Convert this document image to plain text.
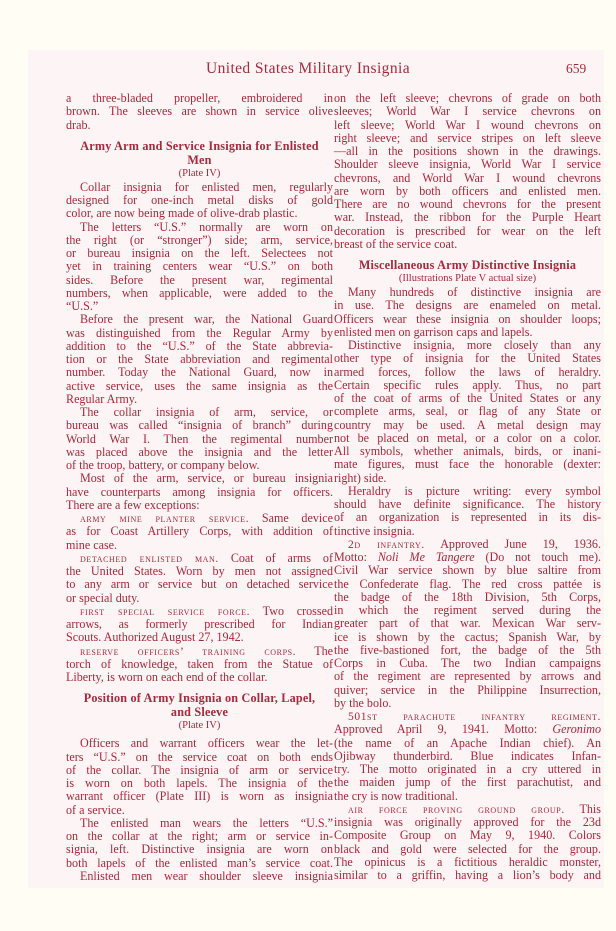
United States Military Insignia	659
a three-bladed propeller, embroidered in
brown. The sleeves are shown in service olive
drab.
Army Arm and Service Insignia for Enlisted
Men
(Plate IV)
Collar insignia for enlisted men, regularly
designed for one-inch metal disks of gold
color, are now being made of olive-drab plastic.
The letters “U.S.” normally are worn on
the right (or “stronger”) side; arm, service,
or bureau insignia on the left. Selectees not
yet in training centers wear “U.S.” on both
sides. Before the present war, regimental
numbers, when applicable, were added to the
“U.S.”
Before the present war, the National Guard
was distinguished from the Regular Army by
addition to the “U.S.” of the State abbrevia-
tion or the State abbreviation and regimental
number. Today the National Guard, now in
active service, uses the same insignia as the
Regular Army.
The collar insignia of arm, service, or
bureau was called “insignia of branch” during
World War I. Then the regimental number
was placed above the insignia and the letter
of the troop, battery, or company below.
Most of the arm, service, or bureau insignia
have counterparts among insignia for officers.
There are a few exceptions:
army mine planter service. Same device
as for Coast Artillery Corps, with addition of
mine case.
detached enlisted man. Coat of arms of
the United States. Worn by men not assigned
to any arm or service but on detached service
or special duty.
first special service force. Two crossed
arrows, as formerly prescribed for Indian
Scouts. Authorized August 27, 1942.
reserve officers’ training corps. The
torch of knowledge, taken from the Statue of
Liberty, is worn on each end of the collar.
Position of Army Insignia on Collar, Lapel,
and Sleeve
(Plate IV)
Officers and warrant officers wear the let-
ters “U.S.” on the service coat on both ends
of the collar. The insignia of arm or service
is worn on both lapels. The insignia of the
warrant officer (Plate III) is worn as insignia
of a service.
The enlisted man wears the letters “U.S.”
on the collar at the right; arm or service in-
signia, left. Distinctive insignia are worn on
both lapels of the enlisted man’s service coat.
Enlisted men wear shoulder sleeve insignia
on the left sleeve; chevrons of grade on both
sleeves; World War I service chevrons on
left sleeve; World War I wound chevrons on
right sleeve; and service stripes on left sleeve
—all in the positions shown in the drawings.
Shoulder sleeve insignia, World War I service
chevrons, and World War I wound chevrons
are worn by both officers and enlisted men.
There are no wound chevrons for the present
war. Instead, the ribbon for the Purple Heart
decoration is prescribed for wear on the left
breast of the service coat.
Miscellaneous Army Distinctive Insignia
(Illustrations Plate V actual size)
Many hundreds of distinctive insignia are
in use. The designs are enameled on metal.
Officers wear these insignia on shoulder loops;
enlisted men on garrison caps and lapels.
Distinctive insignia, more closely than any
other type of insignia for the United States
armed forces, follow the laws of heraldry.
Certain specific rules apply. Thus, no part
of the coat of arms of the United States or any
complete arms, seal, or flag of any State or
country may be used. A metal design may
not be placed on metal, or a color on a color.
All symbols, whether animals, birds, or inani-
mate figures, must face the honorable (dexter:
right) side.
Heraldry is picture writing: every symbol
should have definite significance. The history
of an organization is represented in its dis-
tinctive insignia.
2d infantry. Approved June 19, 1936.
Motto: Noli Me Tangere (Do not touch me).
Civil War service shown by blue saltire from
the Confederate flag. The red cross pattée is
the badge of the 18th Division, 5th Corps,
in which the regiment served during the
greater part of that war. Mexican War serv-
ice is shown by the cactus; Spanish War, by
the five-bastioned fort, the badge of the 5th
Corps in Cuba. The two Indian campaigns
of the regiment are represented by arrows and
quiver; service in the Philippine Insurrection,
by the bolo.
501st parachute infantry regiment.
Approved April 9, 1941. Motto: Geronimo
(the name of an Apache Indian chief). An
Ojibway thunderbird. Blue indicates Infan-
try. The motto originated in a cry uttered in
the maiden jump of the first parachutist, and
the cry is now traditional.
air force proving ground group. This
insignia was originally approved for the 23d
Composite Group on May 9, 1940. Colors
black and gold were selected for the group.
The opinicus is a fictitious heraldic monster,
similar to a griffin, having a lion’s body and
